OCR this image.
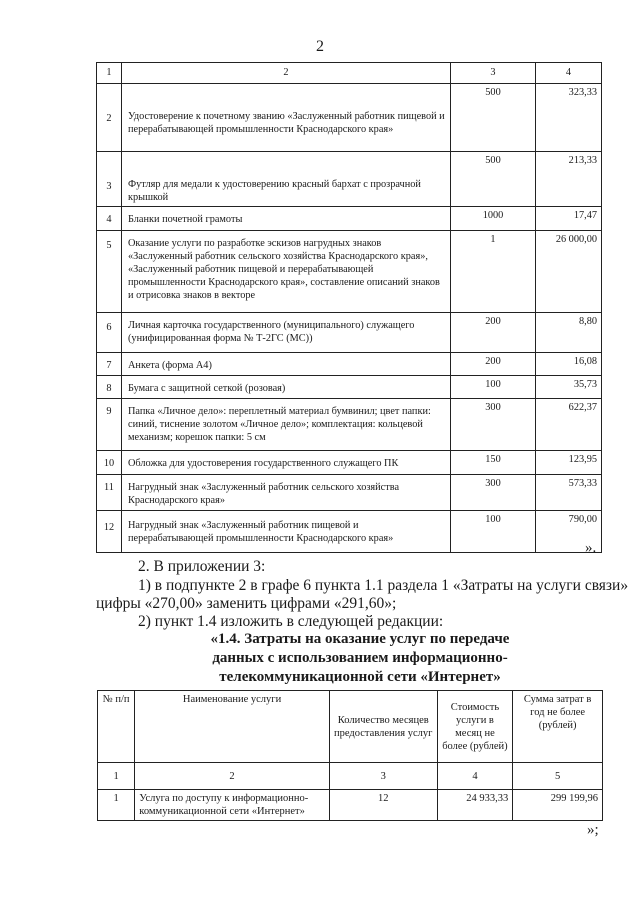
2
1	2	3	4
2	Удостоверение к почетному званию «Заслуженный работник пищевой и перерабатывающей промышленности Краснодарского края»	500	323,33
3	Футляр для медали к удостоверению красный бархат с прозрачной крышкой	500	213,33
4	Бланки почетной грамоты	1000	17,47
5	Оказание услуги по разработке эскизов нагрудных знаков «Заслуженный работник сельского хозяйства Краснодарского края», «Заслуженный работник пищевой и перерабатывающей промышленности Краснодарского края», составление описаний знаков и отрисовка знаков в векторе	1	26 000,00
6	Личная карточка государственного (муниципального) служащего (унифицированная форма № Т-2ГС (МС))	200	8,80
7	Анкета (форма А4)	200	16,08
8	Бумага с защитной сеткой (розовая)	100	35,73
9	Папка «Личное дело»: переплетный материал бумвинил; цвет папки: синий, тиснение золотом «Личное дело»; комплектация: кольцевой механизм; корешок папки: 5 см	300	622,37
10	Обложка для удостоверения государственного служащего ПК	150	123,95
11	Нагрудный знак «Заслуженный работник сельского хозяйства Краснодарского края»	300	573,33
12	Нагрудный знак «Заслуженный работник пищевой и перерабатывающей промышленности Краснодарского края»	100	790,00
».
2. В приложении 3:
1) в подпункте 2 в графе 6 пункта 1.1 раздела 1 «Затраты на услуги связи»
цифры «270,00» заменить цифрами «291,60»;
2) пункт 1.4 изложить в следующей редакции:
«1.4. Затраты на оказание услуг по передаче
данных с использованием информационно-
телекоммуникационной сети «Интернет»
№ п/п	Наименование услуги	Количество месяцев предоставления услуг	Стоимость услуги в месяц не более (рублей)	Сумма затрат в год не более (рублей)
1	2	3	4	5
1	Услуга по доступу к информационно-коммуникационной сети «Интернет»	12	24 933,33	299 199,96
»;
